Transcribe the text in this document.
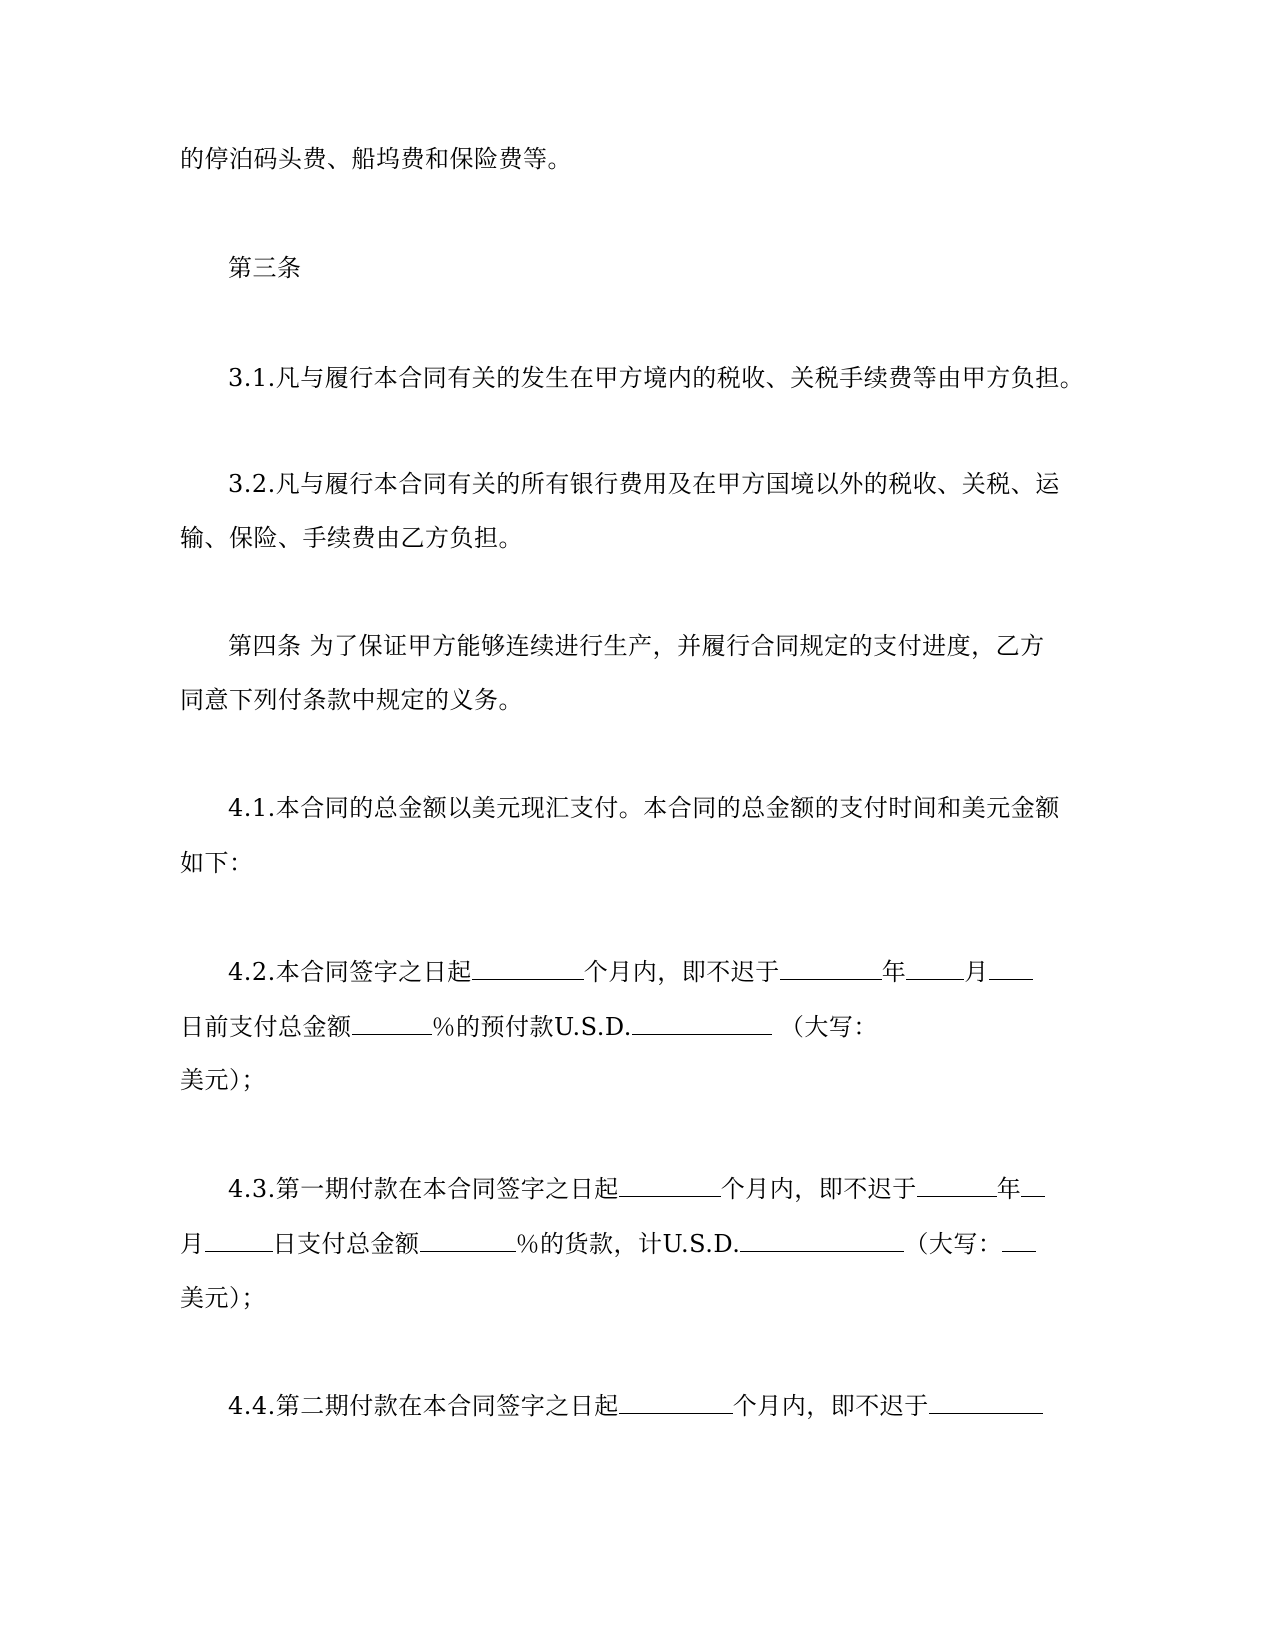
的停泊码头费、船坞费和保险费等。
第三条
3.1.凡与履行本合同有关的发生在甲方境内的税收、关税手续费等由甲方负担。
3.2.凡与履行本合同有关的所有银行费用及在甲方国境以外的税收、关税、运
输、保险、手续费由乙方负担。
第四条 为了保证甲方能够连续进行生产，并履行合同规定的支付进度，乙方
同意下列付条款中规定的义务。
4.1.本合同的总金额以美元现汇支付。本合同的总金额的支付时间和美元金额
如下：
4.2.本合同签字之日起	个月内，即不迟于	年 月
日前支付总金额	％的预付款U.S.D.	（大写：
美元）；
4.3.第一期付款在本合同签字之日起	个月内，即不迟于	年
月	日支付总金额	％的货款，计U.S.D.	（大写：
美元）；
4.4.第二期付款在本合同签字之日起	个月内，即不迟于
